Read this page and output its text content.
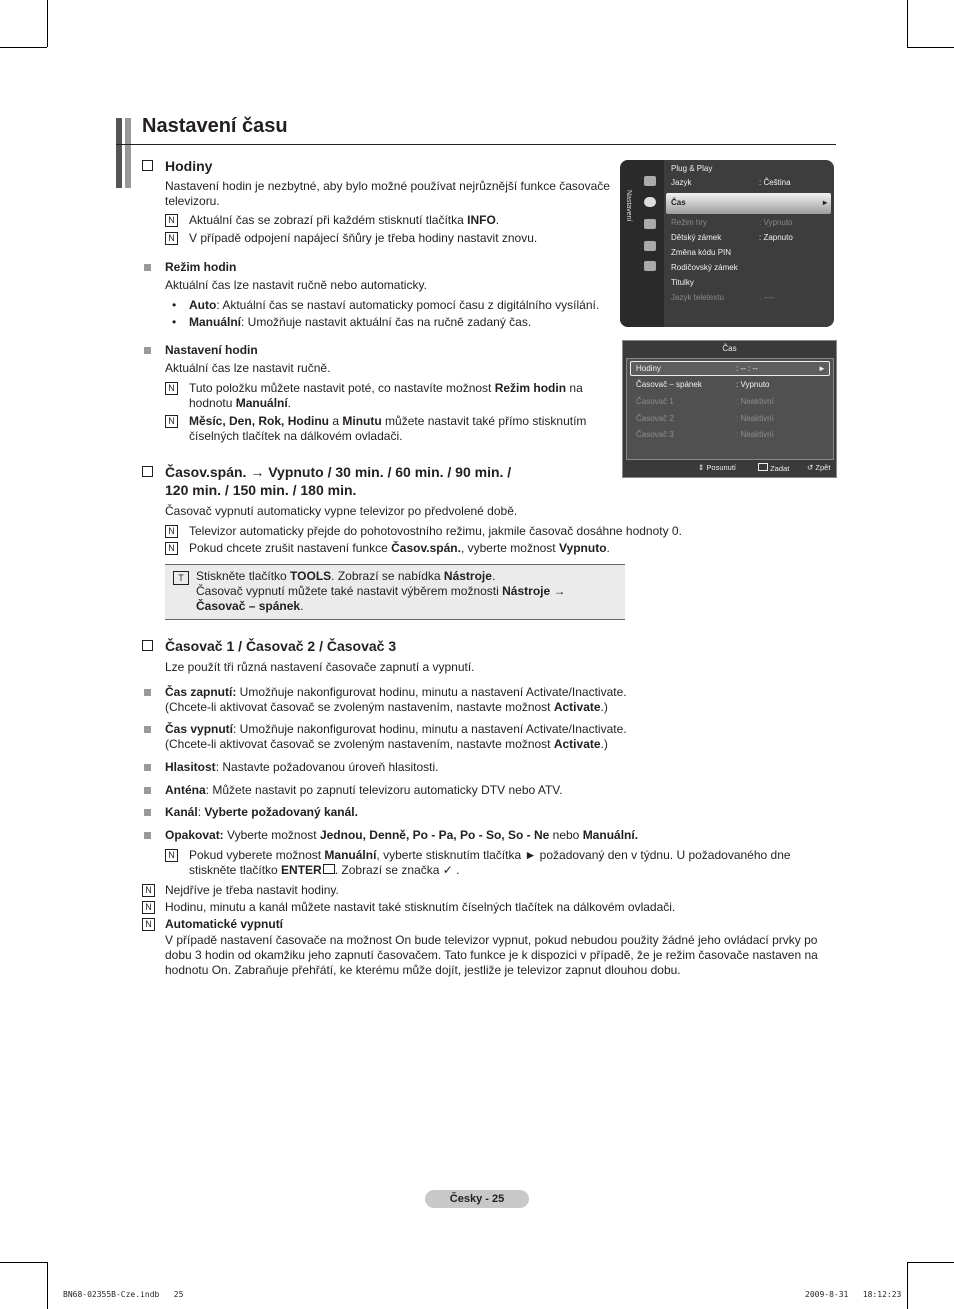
Nastavení času
Hodiny
Nastavení hodin je nezbytné, aby bylo možné používat nejrůznější funkce časovače televizoru.
N Aktuální čas se zobrazí při každém stisknutí tlačítka INFO.
N V případě odpojení napájecí šňůry je třeba hodiny nastavit znovu.
Režim hodin
Aktuální čas lze nastavit ručně nebo automaticky.
• Auto: Aktuální čas se nastaví automaticky pomocí času z digitálního vysílání.
• Manuální: Umožňuje nastavit aktuální čas na ručně zadaný čas.
Nastavení hodin
Aktuální čas lze nastavit ručně.
N Tuto položku můžete nastavit poté, co nastavíte možnost Režim hodin na
hodnotu Manuální.
N Měsíc, Den, Rok, Hodinu a Minutu můžete nastavit také přímo stisknutím
číselných tlačítek na dálkovém ovladači.
Časov.spán. → Vypnuto / 30 min. / 60 min. / 90 min. /
120 min. / 150 min. / 180 min.
Časovač vypnutí automaticky vypne televizor po předvolené době.
N Televizor automaticky přejde do pohotovostního režimu, jakmile časovač dosáhne hodnoty 0.
N Pokud chcete zrušit nastavení funkce Časov.spán., vyberte možnost Vypnuto.
T	Stiskněte tlačítko TOOLS. Zobrazí se nabídka Nástroje.
Časovač vypnutí můžete také nastavit výběrem možnosti Nástroje →
Časovač – spánek.
Časovač 1 / Časovač 2 / Časovač 3
Lze použít tři různá nastavení časovače zapnutí a vypnutí.
Čas zapnutí: Umožňuje nakonfigurovat hodinu, minutu a nastavení Activate/Inactivate.
(Chcete-li aktivovat časovač se zvoleným nastavením, nastavte možnost Activate.)
Čas vypnutí: Umožňuje nakonfigurovat hodinu, minutu a nastavení Activate/Inactivate.
(Chcete-li aktivovat časovač se zvoleným nastavením, nastavte možnost Activate.)
Hlasitost: Nastavte požadovanou úroveň hlasitosti.
Anténa: Můžete nastavit po zapnutí televizoru automaticky DTV nebo ATV.
Kanál: Vyberte požadovaný kanál.
Opakovat: Vyberte možnost Jednou, Denně, Po - Pa, Po - So, So - Ne nebo Manuální.
N Pokud vyberete možnost Manuální, vyberte stisknutím tlačítka ► požadovaný den v týdnu. U požadovaného dne
stiskněte tlačítko ENTER . Zobrazí se značka ✓ .
N Nejdříve je třeba nastavit hodiny.
N Hodinu, minutu a kanál můžete nastavit také stisknutím číselných tlačítek na dálkovém ovladači.
N Automatické vypnutí
V případě nastavení časovače na možnost On bude televizor vypnut, pokud nebudou použity žádné jeho ovládací prvky po
dobu 3 hodin od okamžiku jeho zapnutí časovačem. Tato funkce je k dispozici v případě, že je režim časovače nastaven na
hodnotu On. Zabraňuje přehřátí, ke kterému může dojít, jestliže je televizor zapnut dlouhou dobu.
Nastavení
Plug & Play
Jazyk	: Čeština
Čas	▸
Režim hry	: Vypnuto
Dětský zámek	: Zapnuto
Změna kódu PIN
Rodičovský zámek
Titulky
Jazyk teletextu	: ----
Čas
Hodiny	: -- : --	►
Časovač – spánek	: Vypnuto
Časovač 1	: Neaktivní
Časovač 2	: Neaktivní
Časovač 3	: Neaktivní
⇕ Posunutí	Zadat ↺ Zpět
Česky - 25
BN68-02355B-Cze.indb   25	2009-8-31   18:12:23
